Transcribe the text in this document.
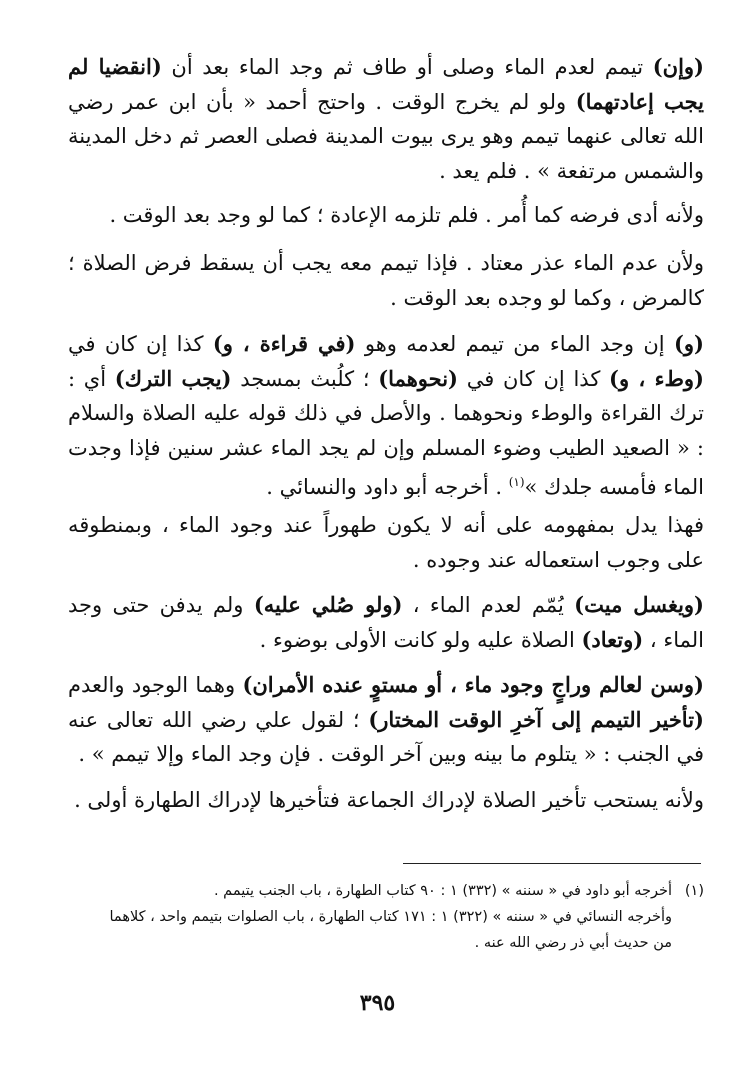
(وإن) تيمم لعدم الماء وصلى أو طاف ثم وجد الماء بعد أن (انقضيا لم يجب إعادتهما) ولو لم يخرج الوقت . واحتج أحمد « بأن ابن عمر رضي الله تعالى عنهما تيمم وهو يرى بيوت المدينة فصلى العصر ثم دخل المدينة والشمس مرتفعة » . فلم يعد .

ولأنه أدى فرضه كما أُمر . فلم تلزمه الإعادة ؛ كما لو وجد بعد الوقت .

ولأن عدم الماء عذر معتاد . فإذا تيمم معه يجب أن يسقط فرض الصلاة ؛ كالمرض ، وكما لو وجده بعد الوقت .

(و) إن وجد الماء من تيمم لعدمه وهو (في قراءة ، و) كذا إن كان في (وطء ، و) كذا إن كان في (نحوهما) ؛ كلُبث بمسجد (يجب الترك) أي : ترك القراءة والوطء ونحوهما . والأصل في ذلك قوله عليه الصلاة والسلام : « الصعيد الطيب وضوء المسلم وإن لم يجد الماء عشر سنين فإذا وجدت الماء فأمسه جلدك »$^{(١)}$ . أخرجه أبو داود والنسائي .

فهذا يدل بمفهومه على أنه لا يكون طهوراً عند وجود الماء ، وبمنطوقه على وجوب استعماله عند وجوده .

(ويغسل ميت) يُمّم لعدم الماء ، (ولو صُلي عليه) ولم يدفن حتى وجد الماء ، (وتعاد) الصلاة عليه ولو كانت الأولى بوضوء .

(وسن لعالم وراجٍ وجود ماء ، أو مستوٍ عنده الأمران) وهما الوجود والعدم (تأخير التيمم إلى آخرِ الوقت المختار) ؛ لقول علي رضي الله تعالى عنه في الجنب : « يتلوم ما بينه وبين آخر الوقت . فإن وجد الماء وإلا تيمم » .

ولأنه يستحب تأخير الصلاة لإدراك الجماعة فتأخيرها لإدراك الطهارة أولى .

(١)أخرجه أبو داود في « سننه » (٣٣٢) ١ : ٩٠ كتاب الطهارة ، باب الجنب يتيمم .
وأخرجه النسائي في « سننه » (٣٢٢) ١ : ١٧١ كتاب الطهارة ، باب الصلوات بتيمم واحد ، كلاهما
من حديث أبي ذر رضي الله عنه .
٣٩٥
